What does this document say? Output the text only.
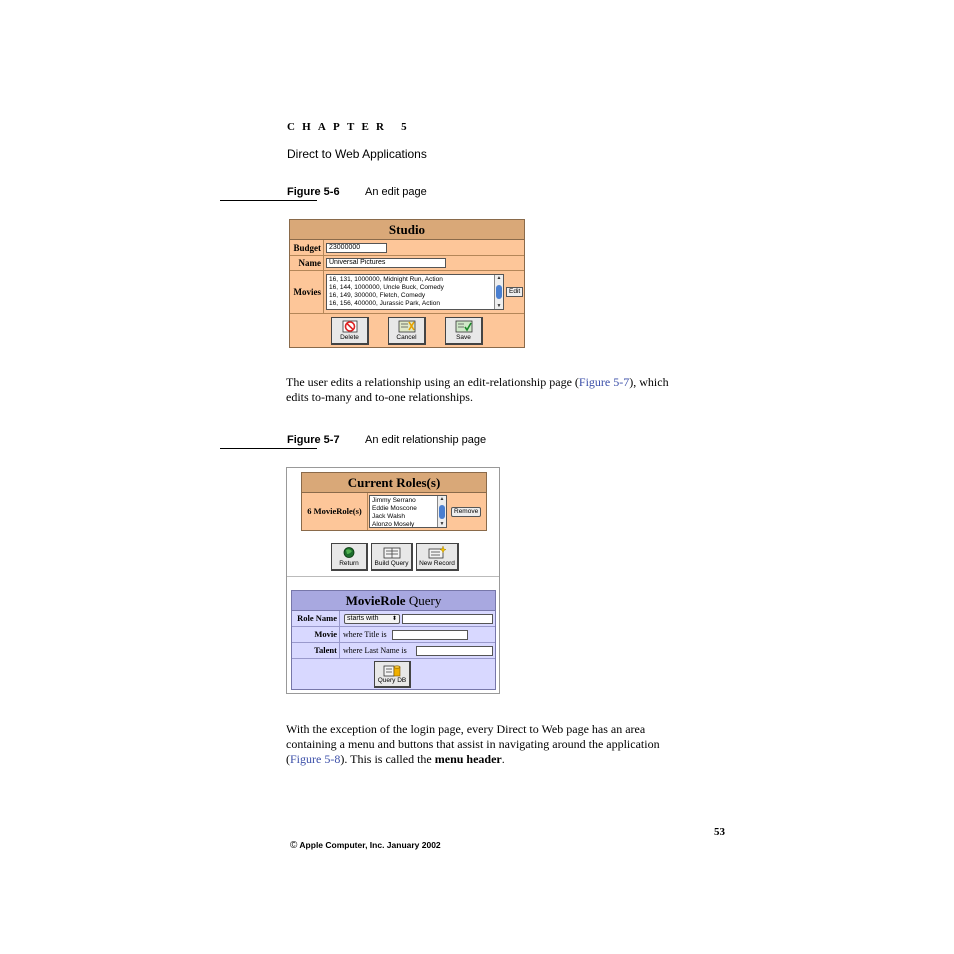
CHAPTER 5
Direct to Web Applications
Figure 5-6 An edit page
Studio
Budget	23000000
Name	Universal Pictures
Movies
16, 131, 1000000, Midnight Run, Action
16, 144, 1000000, Uncle Buck, Comedy
16, 149, 300000, Fletch, Comedy
16, 156, 400000, Jurassic Park, Action
▲
▼
Edit
Delete	Cancel	Save
The user edits a relationship using an edit-relationship page (Figure 5-7), which
edits to-many and to-one relationships.
Figure 5-7 An edit relationship page
Current Roles(s)
6 MovieRole(s)
Jimmy Serrano
Eddie Moscone
Jack Walsh
Alonzo Mosely
▲
▼
Remove
Return	Build Query	New Record
MovieRole Query
Role Name	starts with ⬍
Movie where Title is
Talent where Last Name is
Query DB
With the exception of the login page, every Direct to Web page has an area
containing a menu and buttons that assist in navigating around the application
(Figure 5-8). This is called the menu header.
53
© Apple Computer, Inc. January 2002
